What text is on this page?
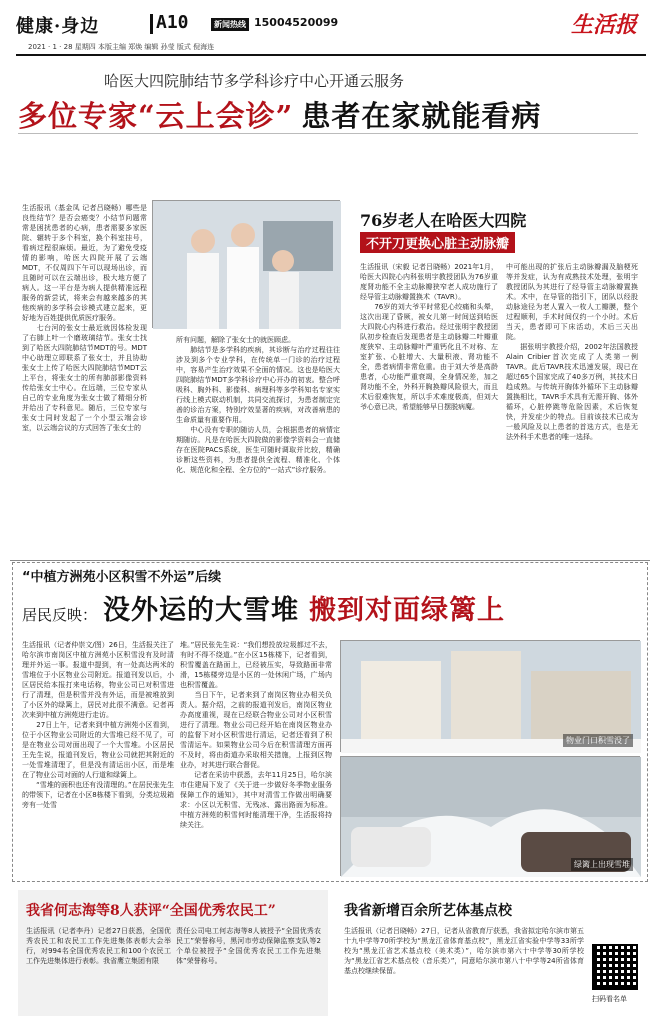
健康·身边	A10	新闻热线 15004520099	生活报
2021 · 1 · 28 星期四 本版主编 郑焕 编辑 孙莹 版式 倪海连
哈医大四院肺结节多学科诊疗中心开通云服务
多位专家“云上会诊” 患者在家就能看病
生活报讯（基金凤 记者吕晓畅）哪些是良性结节？是否会癌变？小结节问题常常是困扰患者的心病，患者需要多家医院、辗转于多个科室，换个科室挂号，看病过程很麻烦。最近，为了避免受疫情的影响，哈医大四院开展了云端MDT，不仅周四下午可以现场出诊，而且随时可以在云端出诊，极大地方便了病人。这一平台是为病人提供精准远程服务的新尝试，将来会有越来越多的其他疾病的多学科会诊模式建立起来，更好地为百姓提供优质医疗服务。
　　七台河的张女士最近就因体检发现了右肺上叶一个磨玻璃结节。张女士找到了哈医大四院肺结节MDT的号。MDT中心助理立即联系了张女士，并且协助张女士上传了哈医大四院肺结节MDT云上平台，将张女士的所有肺部影像资料传给张女士中心。在远端，三位专家从自己的专业角度为张女士做了精细分析并给出了专科意见。随后，三位专家与张女士同时发起了一个小型云端会诊室，以云端会议的方式回答了张女士的
所有问题，解除了张女士的就医顾虑。
　　肺结节是多学科的疾病，其诊断与治疗过程往往涉及到多个专业学科，在传统单一门诊的治疗过程中，容易产生治疗效果不全面的情况。这也是哈医大四院肺结节MDT多学科诊疗中心开办的初衷。整合呼吸科、胸外科、影像科、病理科等多学科知名专家实行线上模式联动机制，共同交流探讨，为患者制定完善的诊治方案，特别疗效显著的疾病，对改善病患的生命质量有重要作用。
　　中心设有专职的随访人员，会根据患者的病情定期随访。凡是在哈医大四院做的影像学资料会一直储存在医院PACS系统，医生可随时调取并比较，精确诊断这些资料，为患者提供全流程、精准化、个体化、规范化和全程、全方位的“一站式”诊疗服务。
76岁老人在哈医大四院
不开刀更换心脏主动脉瓣
生活报讯（宋毅 记者吕晓畅）2021年1月，哈医大四院心内科张明宇教授团队为76岁重度肾功能不全主动脉瓣狭窄老人成功施行了经导管主动脉瓣置换术（TAVR）。
　　76岁的刘大爷平时常犯心绞痛和头晕，这次出现了昏厥，被女儿第一时间送到哈医大四院心内科进行救治。经过张明宇教授团队初步检查后发现患者是主动脉瓣二叶瓣重度狭窄、主动脉瓣叶严重钙化且不对称、左室扩张、心脏增大、大量积液、肾功能不全，患者病情非常危重。由于刘大爷是高龄患者，心功能严重衰竭，全身情况差，加之肾功能不全，外科开胸换瓣风险很大，而且术后很难恢复，所以手术难度极高，但刘大爷心意已决，希望能够早日摆脱病魔。
中可能出现的扩张后主动脉瓣漏及脑梗死等并发症，认为有成熟技术处理，张明宇教授团队为其进行了经导管主动脉瓣置换术。术中，在导管的指引下，团队以经股动脉途径为老人置入一枚人工瓣膜，整个过程顺利，手术时间仅约一个小时。术后当天，患者即可下床活动，术后三天出院。
　　据张明宇教授介绍，2002年法国教授Alain Cribier首次完成了人类第一例TAVR。此后TAVR技术迅速发展，现已在超过65个国家完成了40多万例，其技术日趋成熟。与传统开胸体外循环下主动脉瓣置换相比，TAVR手术具有无需开胸、体外循环，心脏停跳等危险因素，术后恢复快，并发症少的特点。目前该技术已成为一般风险及以上患者的首选方式，也是无法外科手术患者的唯一选择。
“中植方洲苑小区积雪不外运”后续
居民反映： 没外运的大雪堆 搬到对面绿篱上
生活报讯（记者仲崇文/图）26日，生活报关注了哈尔滨市南岗区中植方洲苑小区积雪没有及时清理并外运一事。报道中提到，有一处高达两米的雪堆位于小区物业公司附近。报道刊发以后，小区居民给本报打来电话称，物业公司已对积雪进行了清理，但是积雪并没有外运，而是被堆放到了小区外的绿篱上，居民对此很不满意。记者再次来到中植方洲苑进行走访。
　　27日上午，记者来到中植方洲苑小区看到，位于小区物业公司附近的大雪堆已经不见了，可是在物业公司对面出现了一个大雪堆。小区居民王先生说，报道刊发后，物业公司就把其附近的一处雪堆清理了，但是没有清运出小区，而是堆在了物业公司对面的人行道和绿篱上。
　　“雪堆的面积也还有没清理的。”在居民张先生的带领下，记者在小区8栋楼下看到，分类垃圾箱旁有一处雪
堆。”居民张先生说：“我们想投放垃圾都过不去，有时不得不绕道。”在小区15栋楼下，记者看到，积雪覆盖在路面上，已经被压实，导致路面非常滑，15栋楼旁边是小区的一处休闲广场，广场内也积雪覆盖。
　　当日下午，记者来到了南岗区物业办相关负责人。据介绍，之前的报道刊发后，南岗区物业办高度重视，现在已经联合物业公司对小区积雪进行了清理。物业公司已经开始在南岗区物业办的监督下对小区积雪进行清运，记者还看到了积雪清运车。如果物业公司今后在积雪清理方面再不及时，将由街道办采取相关措施，上报到区物业办，对其进行联合督促。
　　记者在采访中获悉，去年11月25日，哈尔滨市住建局下发了《关于进一步做好冬季物业服务保障工作的通知》，其中对清雪工作做出明确要求：小区以无积雪、无残冰、露出路面为标准。中植方洲苑的积雪何时能清理干净，生活报将持续关注。
物业门口积雪没了
绿篱上出现雪堆
我省何志海等8人获评“全国优秀农民工”
生活报讯（记者李丹）记者27日获悉，全国优秀农民工和农民工工作先进集体表彰大会举行，对994名全国优秀农民工和100个农民工工作先进集体进行表彰。我省鹰立集团有限
责任公司电工何志海等8人被授予“全国优秀农民工”荣誉称号，黑河市劳动保障监察支队等2个单位被授予“全国优秀农民工工作先进集体”荣誉称号。
我省新增百余所艺体基点校
生活报讯（记者吕晓畅）27日，记者从省教育厅获悉，我省拟定哈尔滨市第五十九中学等70所学校为“黑龙江省体育基点校”，黑龙江省实验中学等33所学校为“黑龙江省艺术基点校（美术类）”，哈尔滨市第六十中学等30所学校为“黑龙江省艺术基点校（音乐类）”，同意哈尔滨市第八十中学等24所省体育基点校继续保留。
扫码看名单
